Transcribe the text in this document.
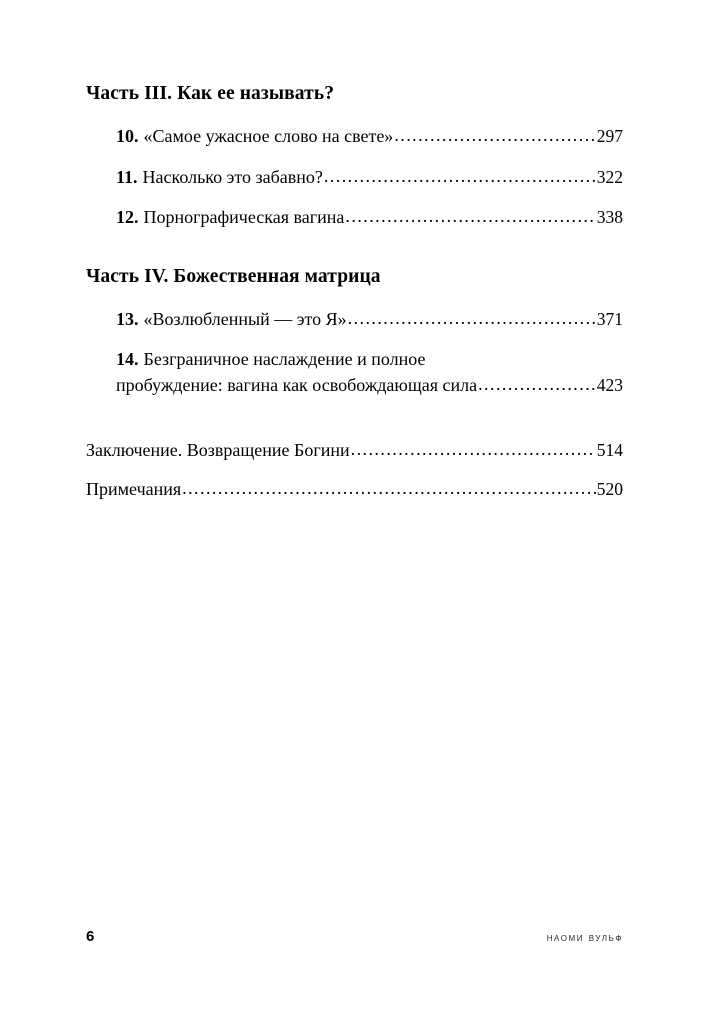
Часть III. Как ее называть?
10. «Самое ужасное слово на свете» .....	297
11. Насколько это забавно? .....	322
12. Порнографическая вагина .....	338
Часть IV. Божественная матрица
13. «Возлюбленный — это Я» .....	371
14. Безграничное наслаждение и полное
пробуждение: вагина как освобождающая сила .....	423
Заключение. Возвращение Богини .....	514
Примечания .....	520
6	наоми вульф
